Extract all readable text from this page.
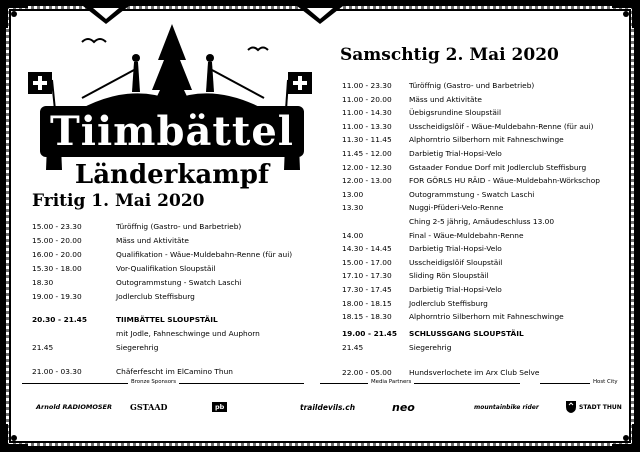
Tiimbättel
Länderkampf
Fritig 1. Mai 2020
15.00 - 23.30	Türöffnig (Gastro- und Barbetrieb)
15.00 - 20.00	Mäss und Aktivitäte
16.00 - 20.00	Qualifikation - Wäue-Muldebahn-Renne (für aui)
15.30 - 18.00	Vor-Qualifikation Sloupstäil
18.30	Outogrammstung - Swatch Laschi
19.00 - 19.30	Jodlerclub Steffisburg
20.30 - 21.45	TIIMBÄTTEL SLOUPSTÄIL
mit Jodle, Fahneschwinge und Auphorn
21.45	Siegerehrig
21.00 - 03.30	Chäferfescht im ElCamino Thun
Samschtig 2. Mai 2020
11.00 - 23.30 Türöffnig (Gastro- und Barbetrieb)
11.00 - 20.00 Mäss und Aktivitäte
11.00 - 14.30 Üebigsrundine Sloupstäil
11.00 - 13.30 Usscheidigslöif - Wäue-Muldebahn-Renne (für aui)
11.30 - 11.45 Alphorntrio Silberhorn mit Fahneschwinge
11.45 - 12.00 Darbietig Trial-Hopsi-Velo
12.00 - 12.30 Gstaader Fondue Dorf mit Jodlerclub Steffisburg
12.00 - 13.00 FOR GÖRLS HU RÄID - Wäue-Muldebahn-Wörkschop
13.00	Outogrammstung - Swatch Laschi
13.30	Nuggi-Pfüderi-Velo-Renne
Ching 2-5 jährig, Amäudeschluss 13.00
14.00	Final - Wäue-Muldebahn-Renne
14.30 - 14.45 Darbietig Trial-Hopsi-Velo
15.00 - 17.00 Usscheidigslöif Sloupstäil
17.10 - 17.30 Sliding Rön Sloupstäil
17.30 - 17.45 Darbietig Trial-Hopsi-Velo
18.00 - 18.15 Jodlerclub Steffisburg
18.15 - 18.30 Alphorntrio Silberhorn mit Fahneschwinge
19.00 - 21.45 SCHLUSSGANG SLOUPSTÄIL
21.45	Siegerehrig
22.00 - 05.00 Hundsverlochete im Arx Club Selve
Bronze Sponsors	Media Partners	Host City
Arnold RADIOMOSER GSTAAD	pb	traildevils.ch	neo	mountainbike rider	STADT THUN
